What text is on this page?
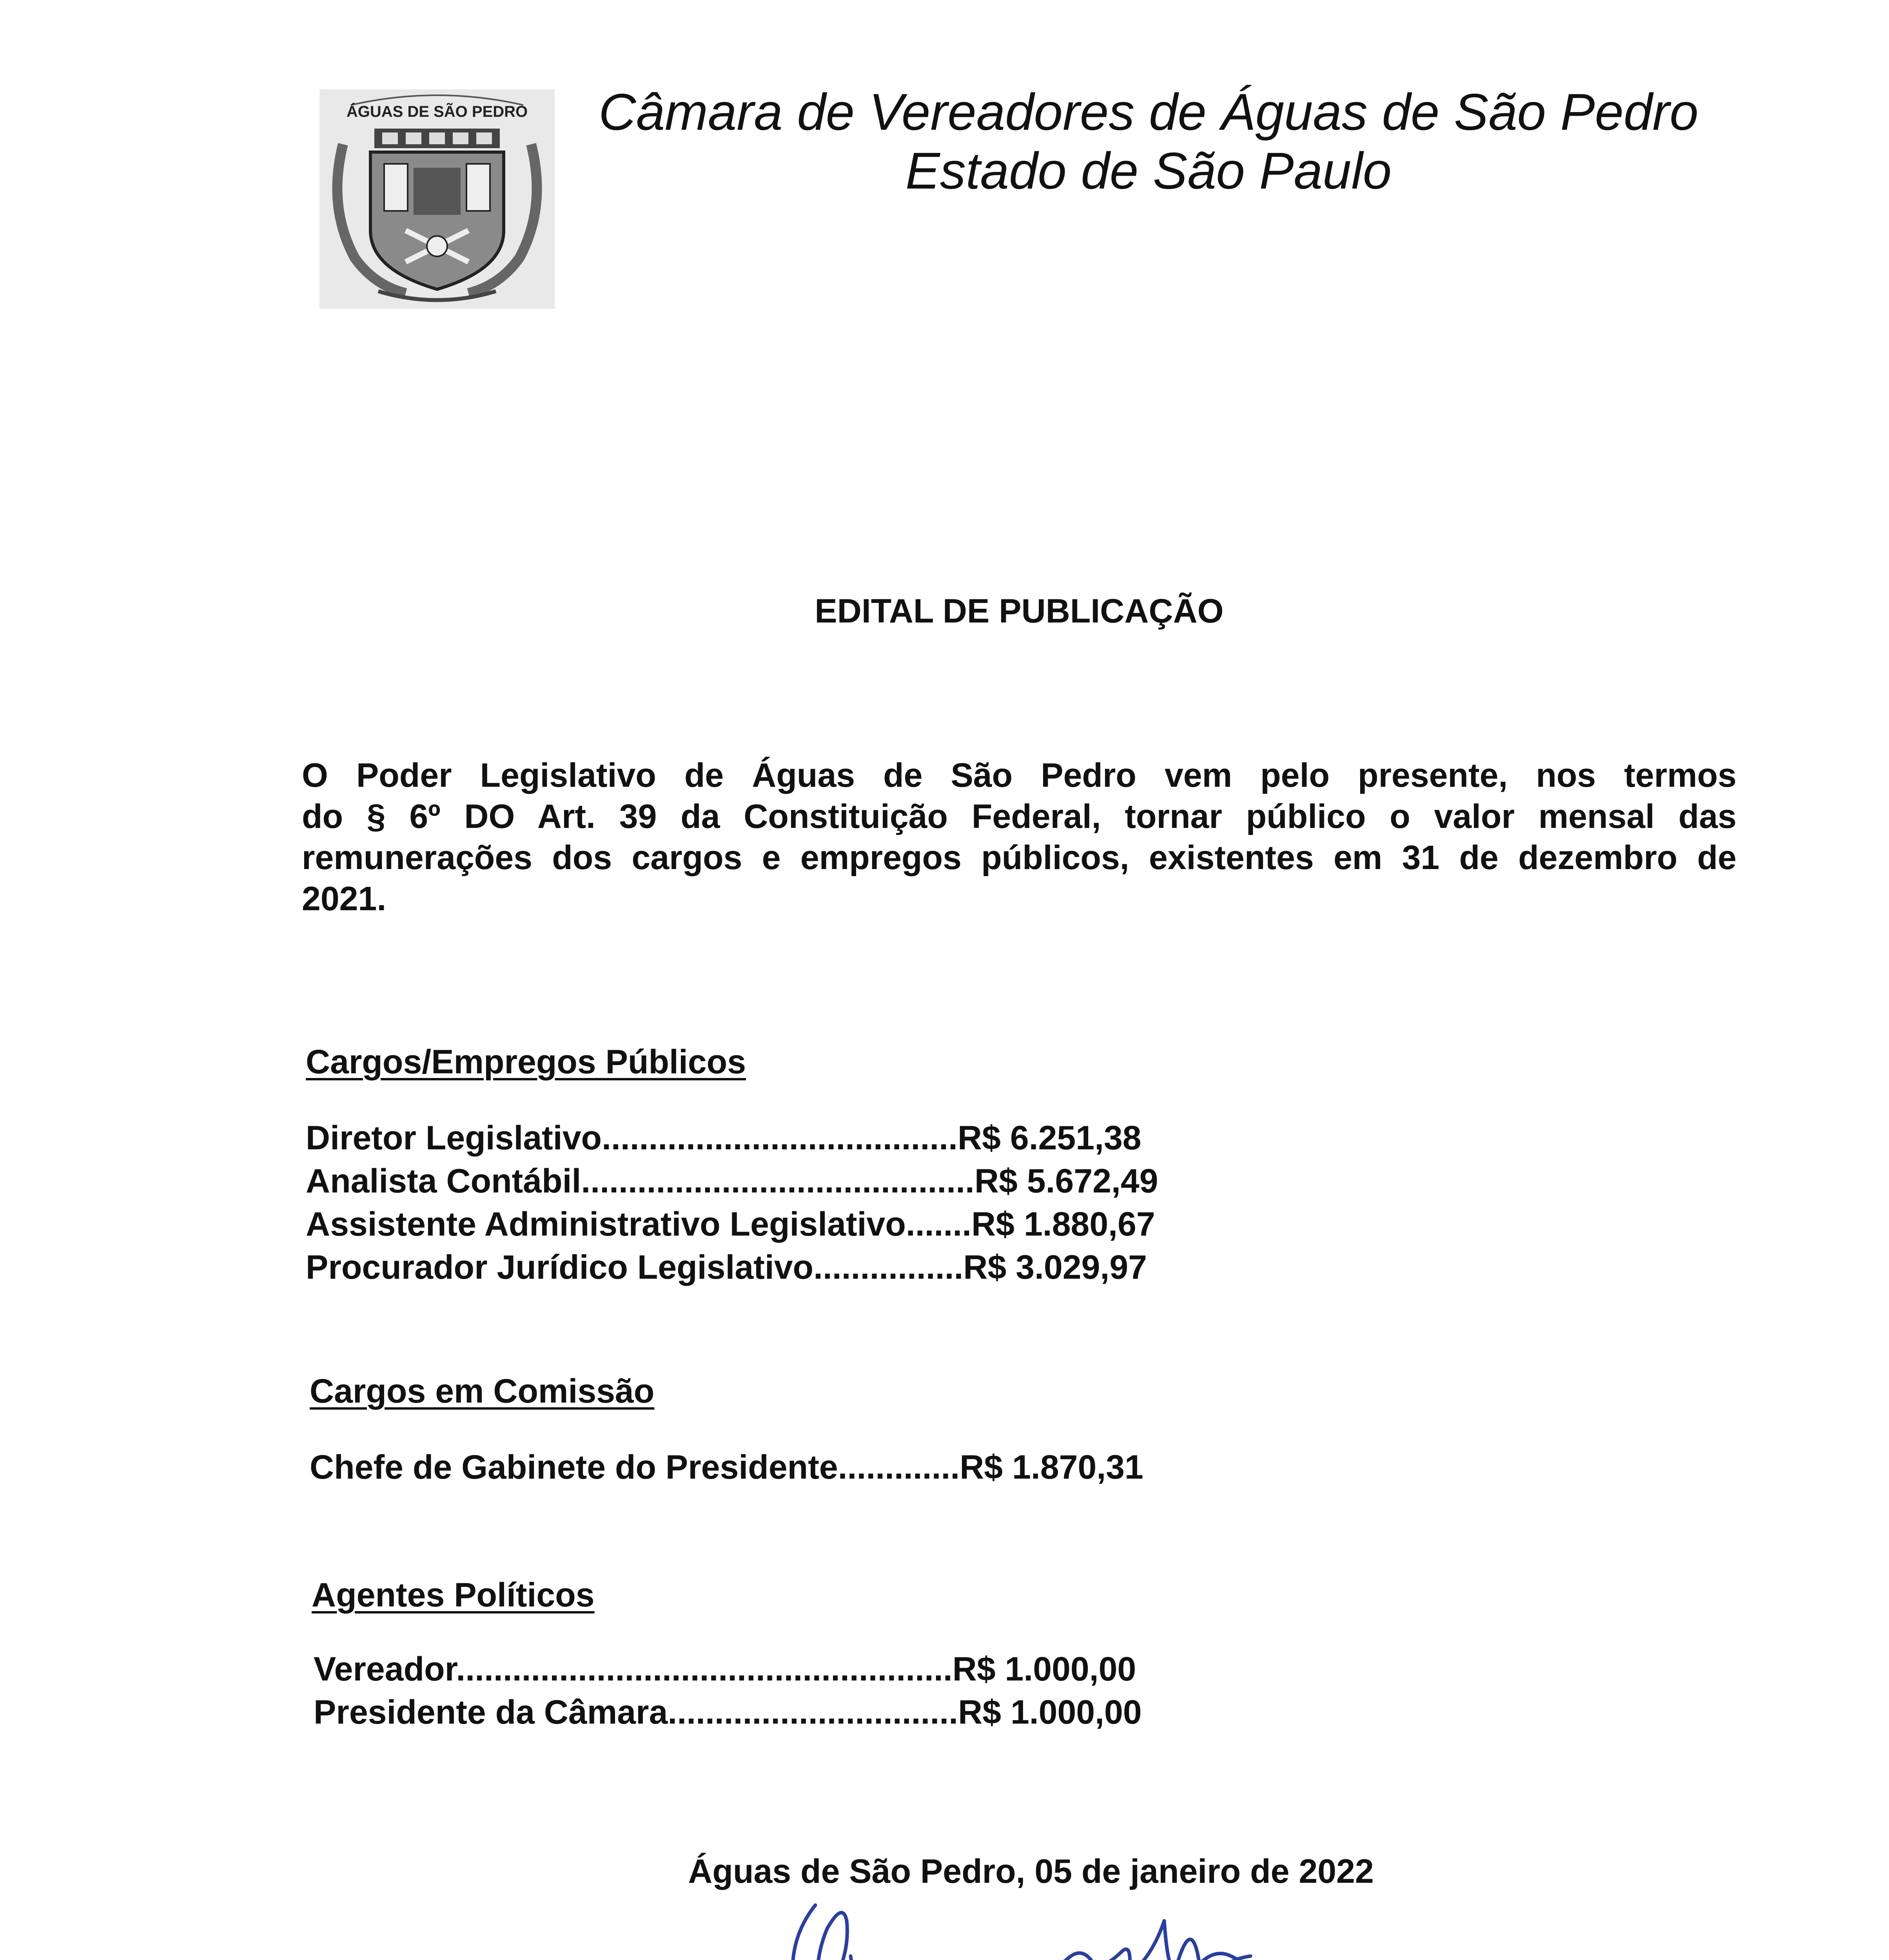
ÁGUAS DE SÃO PEDRO	Câmara de Vereadores de Águas de São Pedro
Estado de São Paulo
EDITAL DE PUBLICAÇÃO
O Poder Legislativo de Águas de São Pedro vem pelo presente, nos termos
do § 6º DO Art. 39 da Constituição Federal, tornar público o valor mensal das
remunerações dos cargos e empregos públicos, existentes em 31 de dezembro de
2021.
Cargos/Empregos Públicos
Diretor Legislativo......................................R$ 6.251,38
Analista Contábil..........................................R$ 5.672,49
Assistente Administrativo Legislativo.......R$ 1.880,67
Procurador Jurídico Legislativo................R$ 3.029,97
Cargos em Comissão
Chefe de Gabinete do Presidente.............R$ 1.870,31
Agentes Políticos
Vereador.....................................................R$ 1.000,00
Presidente da Câmara...............................R$ 1.000,00
Águas de São Pedro, 05 de janeiro de 2022
